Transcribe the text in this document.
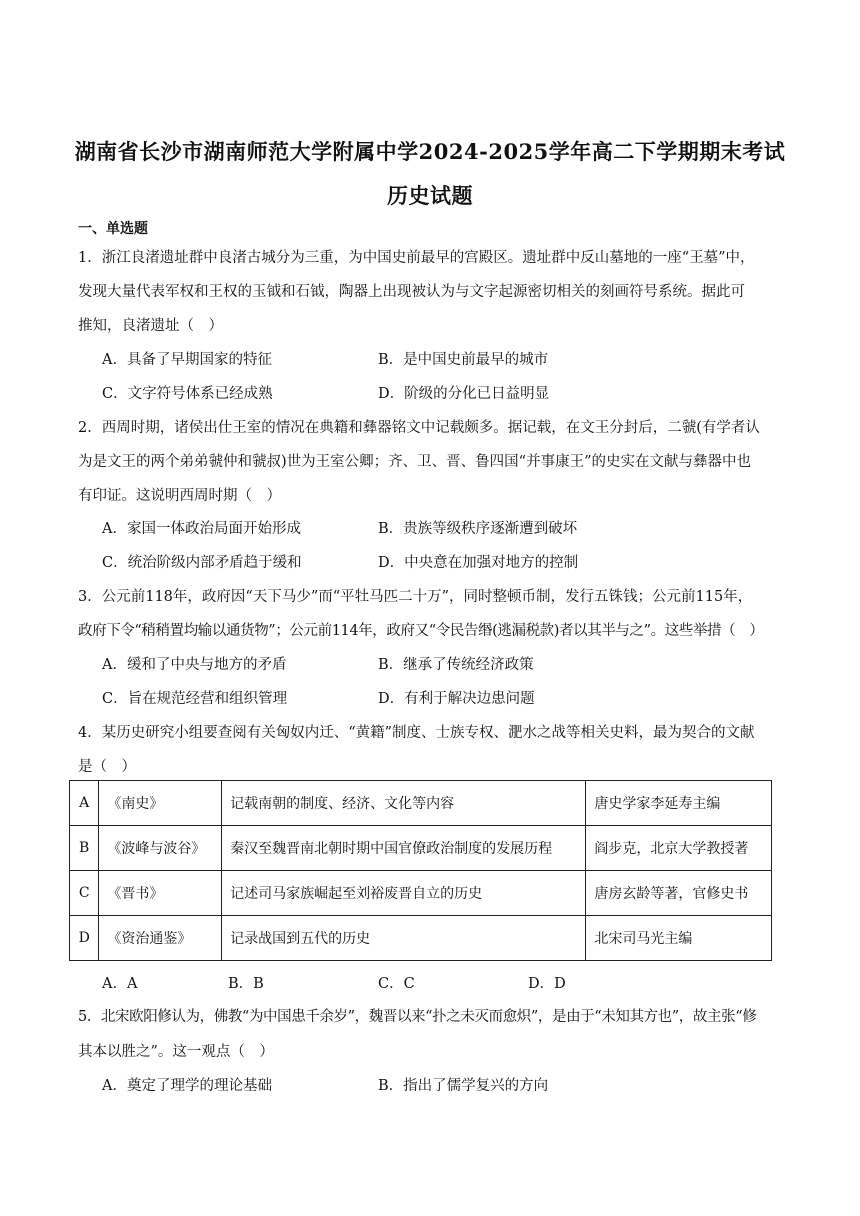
湖南省长沙市湖南师范大学附属中学2024-2025学年高二下学期期末考试
历史试题
一、单选题
1．浙江良渚遗址群中良渚古城分为三重，为中国史前最早的宫殿区。遗址群中反山墓地的一座“王墓”中，
发现大量代表军权和王权的玉钺和石钺，陶器上出现被认为与文字起源密切相关的刻画符号系统。据此可
推知，良渚遗址（　）
A．具备了早期国家的特征	B．是中国史前最早的城市
C．文字符号体系已经成熟	D．阶级的分化已日益明显
2．西周时期，诸侯出仕王室的情况在典籍和彝器铭文中记载颇多。据记载，在文王分封后，二虢(有学者认
为是文王的两个弟弟虢仲和虢叔)世为王室公卿；齐、卫、晋、鲁四国“并事康王”的史实在文献与彝器中也
有印证。这说明西周时期（　）
A．家国一体政治局面开始形成	B．贵族等级秩序逐渐遭到破坏
C．统治阶级内部矛盾趋于缓和	D．中央意在加强对地方的控制
3．公元前118年，政府因“天下马少”而“平牡马匹二十万”，同时整顿币制，发行五铢钱；公元前115年，
政府下令“稍稍置均输以通货物”；公元前114年，政府又“令民告缗(逃漏税款)者以其半与之”。这些举措（　）
A．缓和了中央与地方的矛盾	B．继承了传统经济政策
C．旨在规范经营和组织管理	D．有利于解决边患问题
4．某历史研究小组要查阅有关匈奴内迁、“黄籍”制度、士族专权、淝水之战等相关史料，最为契合的文献
是（　）
A	《南史》	记载南朝的制度、经济、文化等内容	唐史学家李延寿主编
B	《波峰与波谷》	秦汉至魏晋南北朝时期中国官僚政治制度的发展历程	阎步克，北京大学教授著
C	《晋书》	记述司马家族崛起至刘裕废晋自立的历史	唐房玄龄等著，官修史书
D	《资治通鉴》	记录战国到五代的历史	北宋司马光主编
A．A	B．B	C．C	D．D
5．北宋欧阳修认为，佛教“为中国患千余岁”，魏晋以来“扑之未灭而愈炽”，是由于“未知其方也”，故主张“修
其本以胜之”。这一观点（　）
A．奠定了理学的理论基础	B．指出了儒学复兴的方向
